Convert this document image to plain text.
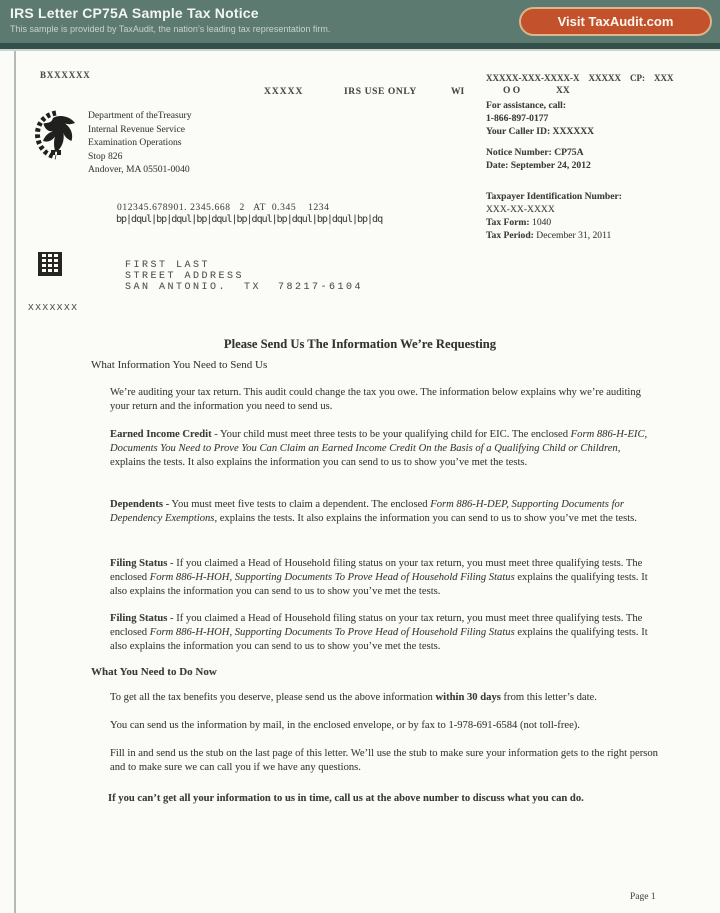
IRS Letter CP75A Sample Tax Notice
This sample is provided by TaxAudit, the nation’s leading tax representation firm.	Visit TaxAudit.com
BXXXXXX
XXXXX	IRS USE ONLY	WI
XXXXX-XXX-XXXX-X    XXXXX    CP:    XXX
O O	XX
Department of theTreasury
Internal Revenue Service
Examination Operations
Stop 826
Andover, MA 05501-0040
For assistance, call:
1-866-897-0177
Your Caller ID: XXXXXX
Notice Number: CP75A
Date: September 24, 2012
Taxpayer Identification Number:
XXX-XX-XXXX
Tax Form: 1040
Tax Period: December 31, 2011
012345.678901. 2345.668   2   AT  0.345    1234
bp|dqul|bp|dqul|bp|dqul|bp|dqul|bp|dqul|bp|dqul|bp|dq
FIRST LAST
STREET ADDRESS
SAN ANTONIO.  TX  78217-6104
XXXXXXX
Please Send Us The Information We’re Requesting
What Information You Need to Send Us

We’re auditing your tax return. This audit could change the tax you owe. The information below explains why we’re auditing your return and the information you need to send us.

Earned Income Credit - Your child must meet three tests to be your qualifying child for EIC. The enclosed Form 886-H-EIC, Documents You Need to Prove You Can Claim an Earned Income Credit On the Basis of a Qualifying Child or Children, explains the tests. It also explains the information you can send to us to show you’ve met the tests.

Dependents - You must meet five tests to claim a dependent. The enclosed Form 886-H-DEP, Supporting Documents for Dependency Exemptions, explains the tests. It also explains the information you can send to us to show you’ve met the tests.

Filing Status - If you claimed a Head of Household filing status on your tax return, you must meet three qualifying tests. The enclosed Form 886-H-HOH, Supporting Documents To Prove Head of Household Filing Status explains the qualifying tests. It also explains the information you can send to us to show you’ve met the tests.

Filing Status - If you claimed a Head of Household filing status on your tax return, you must meet three qualifying tests. The enclosed Form 886-H-HOH, Supporting Documents To Prove Head of Household Filing Status explains the qualifying tests. It also explains the information you can send to us to show you’ve met the tests.

What You Need to Do Now

To get all the tax benefits you deserve, please send us the above information within 30 days from this letter’s date.

You can send us the information by mail, in the enclosed envelope, or by fax to 1-978-691-6584 (not toll-free).

Fill in and send us the stub on the last page of this letter. We’ll use the stub to make sure your information gets to the right person and to make sure we can call you if we have any questions.

If you can’t get all your information to us in time, call us at the above number to discuss what you can do.

Page 1
